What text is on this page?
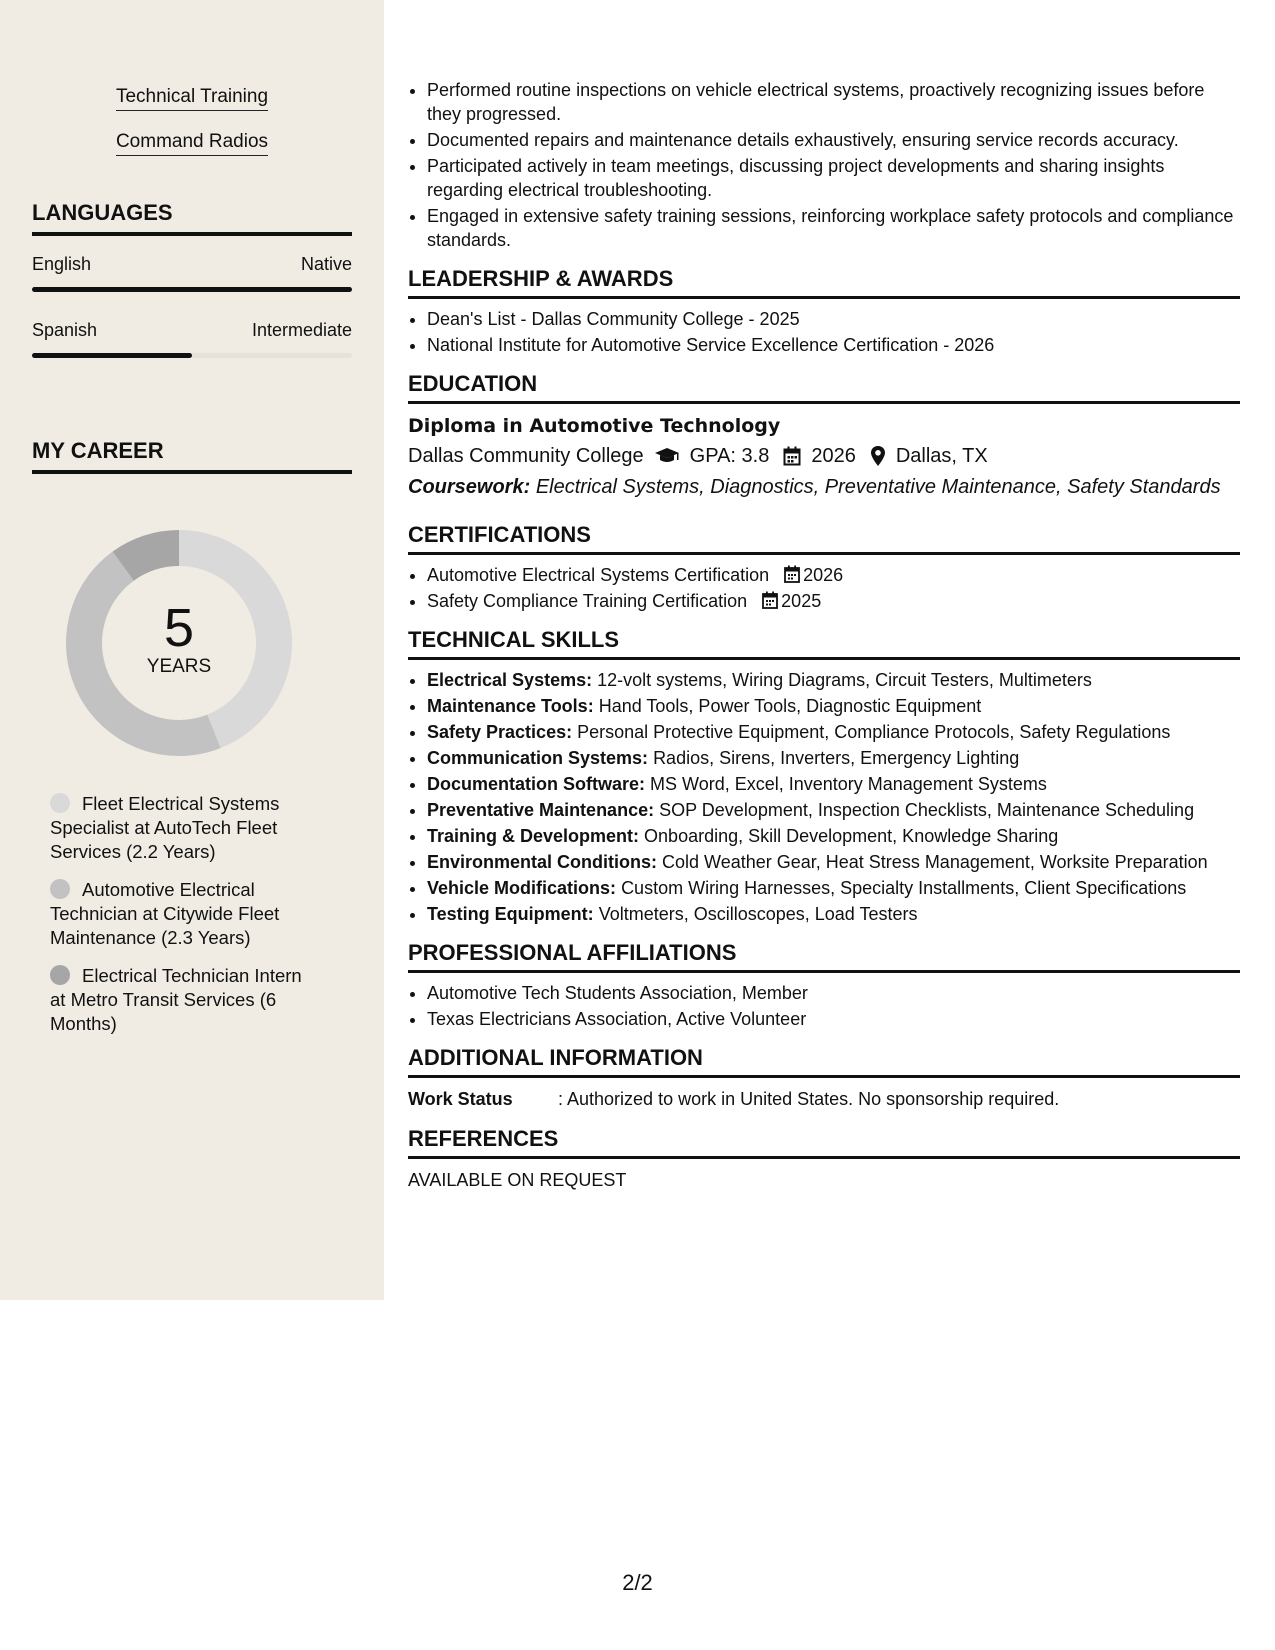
Technical Training
Command Radios
LANGUAGES
English	Native
Spanish	Intermediate
MY CAREER
5
YEARS
Fleet Electrical Systems Specialist at AutoTech Fleet Services (2.2 Years)
Automotive Electrical Technician at Citywide Fleet Maintenance (2.3 Years)
Electrical Technician Intern at Metro Transit Services (6 Months)
• Performed routine inspections on vehicle electrical systems, proactively recognizing issues before they progressed.
• Documented repairs and maintenance details exhaustively, ensuring service records accuracy.
• Participated actively in team meetings, discussing project developments and sharing insights regarding electrical troubleshooting.
• Engaged in extensive safety training sessions, reinforcing workplace safety protocols and compliance standards.
LEADERSHIP & AWARDS
• Dean's List - Dallas Community College - 2025
• National Institute for Automotive Service Excellence Certification - 2026
EDUCATION
Diploma in Automotive Technology
Dallas Community College GPA: 3.8 2026 Dallas, TX
Coursework: Electrical Systems, Diagnostics, Preventative Maintenance, Safety Standards
CERTIFICATIONS
• Automotive Electrical Systems Certification 2026
• Safety Compliance Training Certification 2025
TECHNICAL SKILLS
• Electrical Systems: 12-volt systems, Wiring Diagrams, Circuit Testers, Multimeters
• Maintenance Tools: Hand Tools, Power Tools, Diagnostic Equipment
• Safety Practices: Personal Protective Equipment, Compliance Protocols, Safety Regulations
• Communication Systems: Radios, Sirens, Inverters, Emergency Lighting
• Documentation Software: MS Word, Excel, Inventory Management Systems
• Preventative Maintenance: SOP Development, Inspection Checklists, Maintenance Scheduling
• Training & Development: Onboarding, Skill Development, Knowledge Sharing
• Environmental Conditions: Cold Weather Gear, Heat Stress Management, Worksite Preparation
• Vehicle Modifications: Custom Wiring Harnesses, Specialty Installments, Client Specifications
• Testing Equipment: Voltmeters, Oscilloscopes, Load Testers
PROFESSIONAL AFFILIATIONS
• Automotive Tech Students Association, Member
• Texas Electricians Association, Active Volunteer
ADDITIONAL INFORMATION
Work Status	: Authorized to work in United States. No sponsorship required.
REFERENCES
AVAILABLE ON REQUEST
2/2
